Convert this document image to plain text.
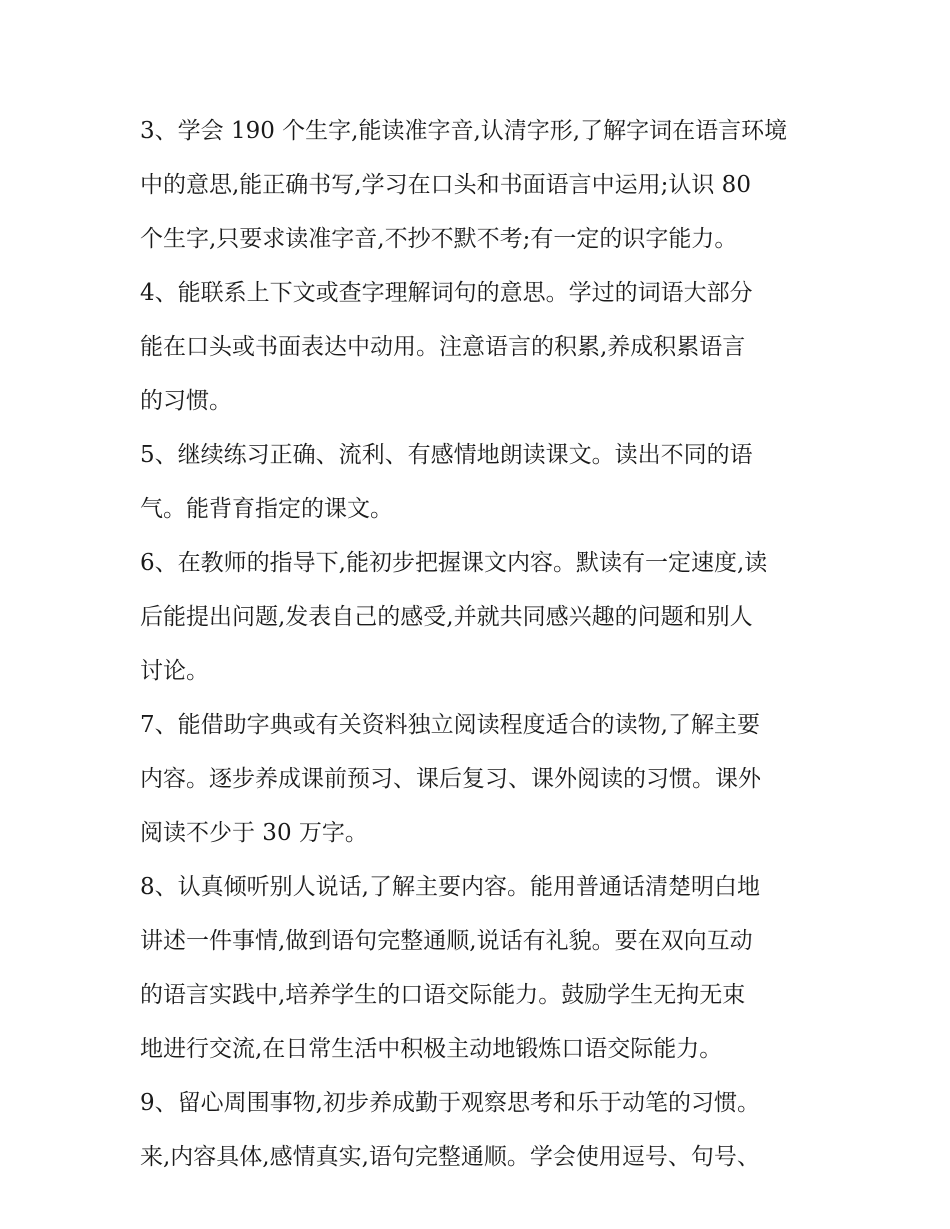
3、学会 190 个生字,能读准字音,认清字形,了解字词在语言环境
中的意思,能正确书写,学习在口头和书面语言中运用;认识 80
个生字,只要求读准字音,不抄不默不考;有一定的识字能力。
4、能联系上下文或查字理解词句的意思。学过的词语大部分
能在口头或书面表达中动用。注意语言的积累,养成积累语言
的习惯。
5、继续练习正确、流利、有感情地朗读课文。读出不同的语
气。能背育指定的课文。
6、在教师的指导下,能初步把握课文内容。默读有一定速度,读
后能提出问题,发表自己的感受,并就共同感兴趣的问题和别人
讨论。
7、能借助字典或有关资料独立阅读程度适合的读物,了解主要
内容。逐步养成课前预习、课后复习、课外阅读的习惯。课外
阅读不少于 30 万字。
8、认真倾听别人说话,了解主要内容。能用普通话清楚明白地
讲述一件事情,做到语句完整通顺,说话有礼貌。要在双向互动
的语言实践中,培养学生的口语交际能力。鼓励学生无拘无束
地进行交流,在日常生活中积极主动地锻炼口语交际能力。
9、留心周围事物,初步养成勤于观察思考和乐于动笔的习惯。
来,内容具体,感情真实,语句完整通顺。学会使用逗号、句号、
